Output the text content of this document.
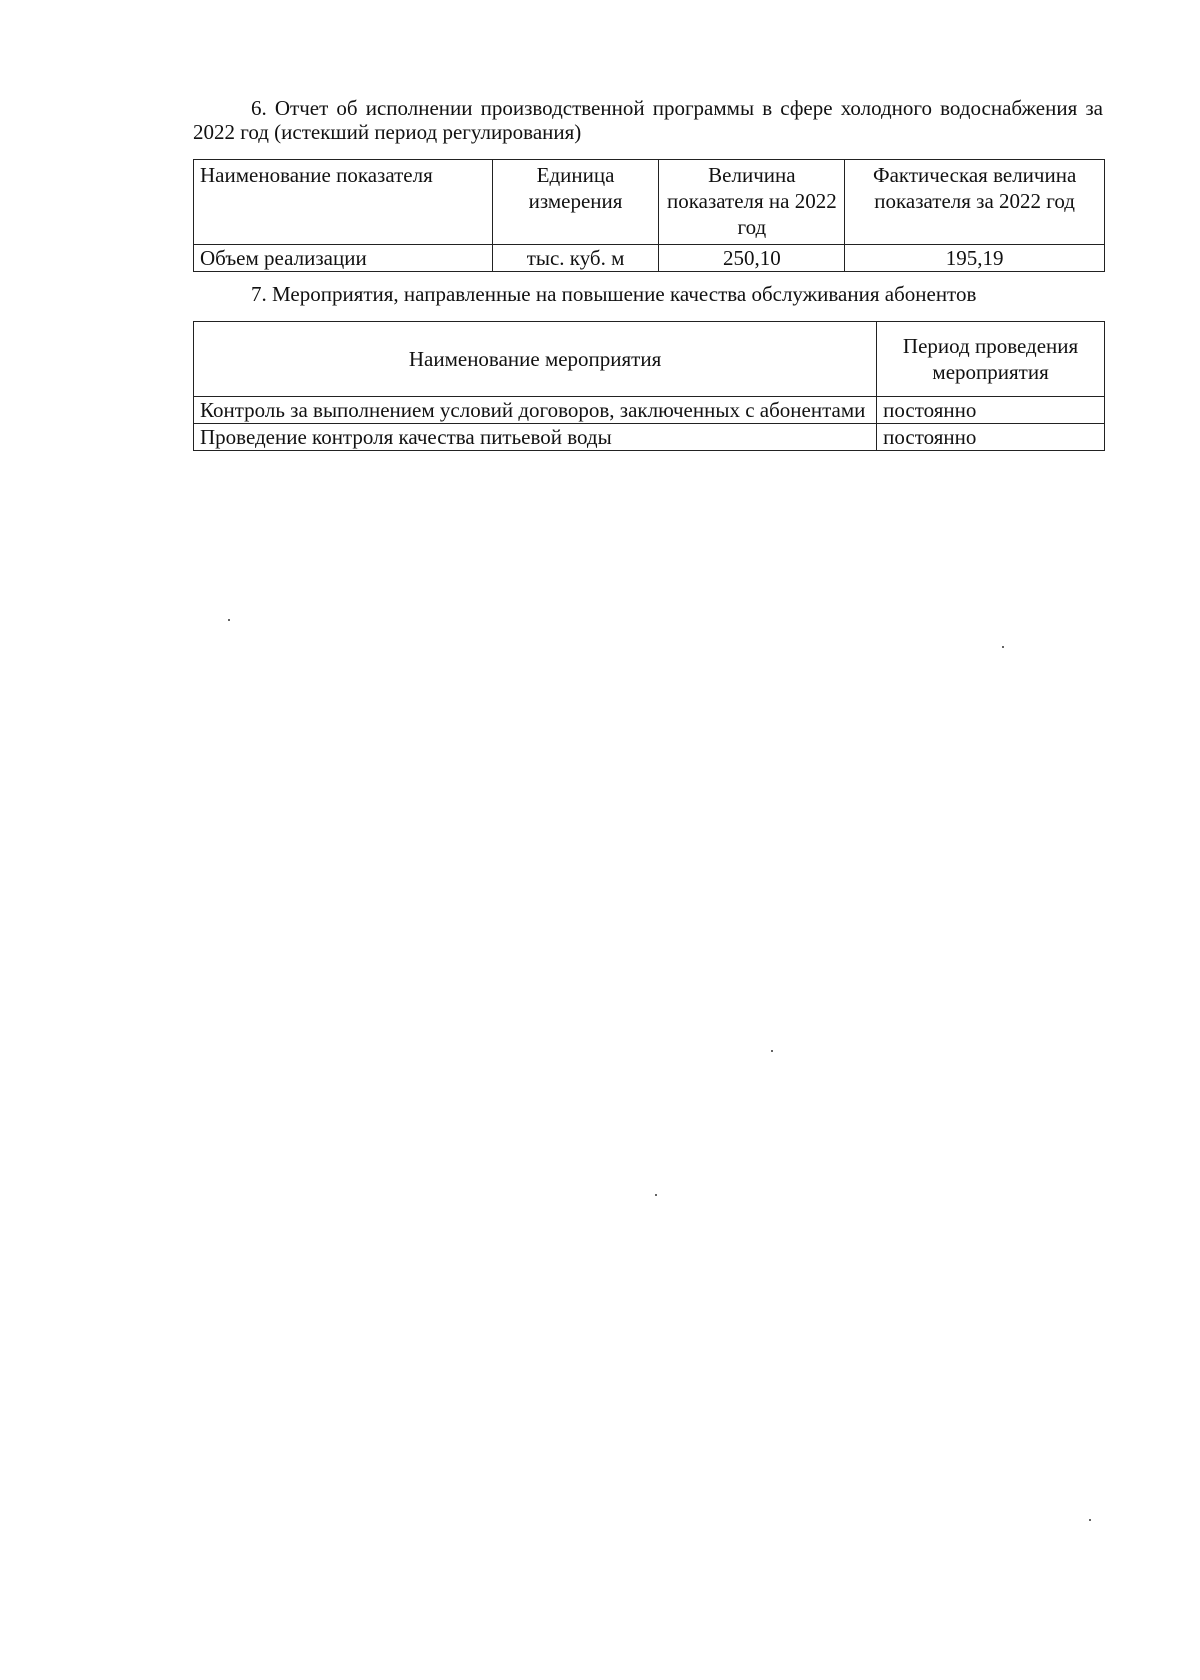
6. Отчет об исполнении производственной программы в сфере холодного водоснабжения за 2022 год (истекший период регулирования)
Наименование показателя	Единица измерения	Величина показателя на 2022 год	Фактическая величина показателя за 2022 год
Объем реализации	тыс. куб. м	250,10	195,19
7. Мероприятия, направленные на повышение качества обслуживания абонентов
Наименование мероприятия	Период проведения мероприятия
Контроль за выполнением условий договоров, заключенных с абонентами	постоянно
Проведение контроля качества питьевой воды	постоянно
